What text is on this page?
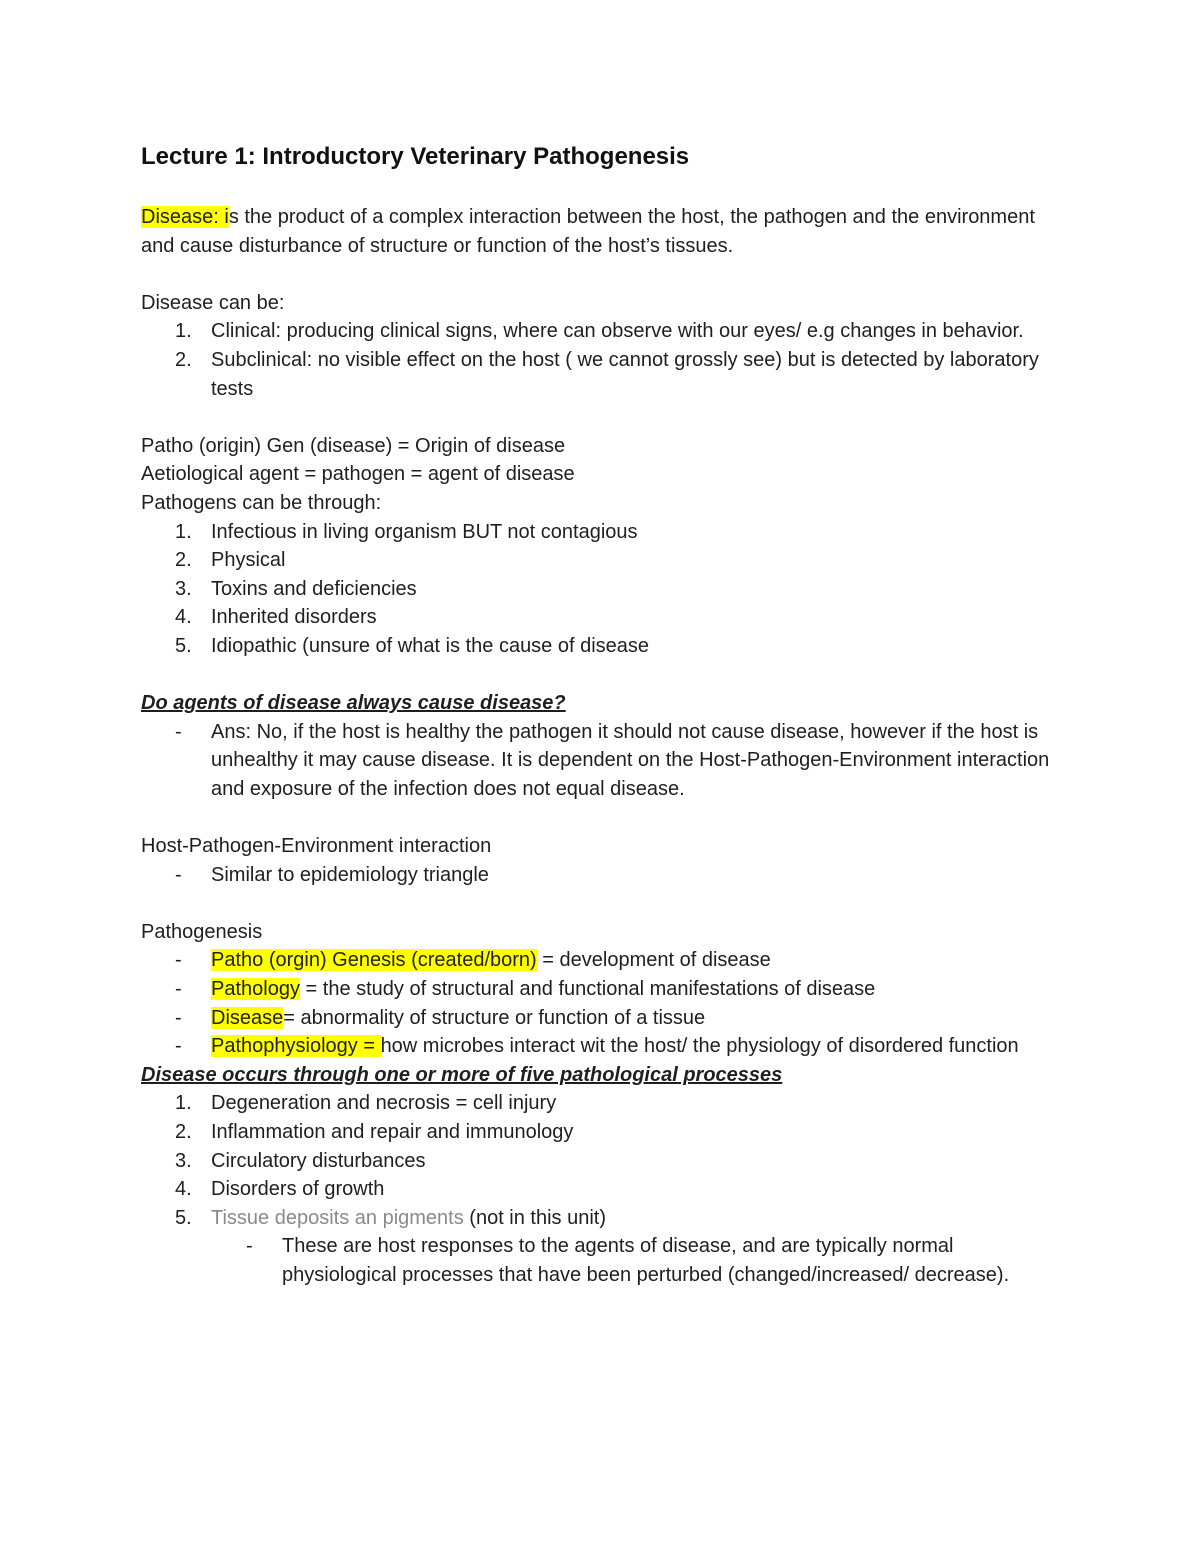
Lecture 1: Introductory Veterinary Pathogenesis

Disease: is the product of a complex interaction between the host, the pathogen and the environment and cause disturbance of structure or function of the host’s tissues.

Disease can be:

1. Clinical: producing clinical signs, where can observe with our eyes/ e.g changes in behavior.
2. Subclinical: no visible effect on the host ( we cannot grossly see) but is detected by laboratory tests

Patho (origin) Gen (disease) = Origin of disease

Aetiological agent = pathogen = agent of disease

Pathogens can be through:

1. Infectious in living organism BUT not contagious
2. Physical
3. Toxins and deficiencies
4. Inherited disorders
5. Idiopathic (unsure of what is the cause of disease

Do agents of disease always cause disease?

- Ans: No, if the host is healthy the pathogen it should not cause disease, however if the host is unhealthy it may cause disease. It is dependent on the Host-Pathogen-Environment interaction and exposure of the infection does not equal disease.

Host-Pathogen-Environment interaction

- Similar to epidemiology triangle

Pathogenesis

- Patho (orgin) Genesis (created/born) = development of disease
- Pathology = the study of structural and functional manifestations of disease
- Disease= abnormality of structure or function of a tissue
- Pathophysiology = how microbes interact wit the host/ the physiology of disordered function

Disease occurs through one or more of five pathological processes

1. Degeneration and necrosis = cell injury
2. Inflammation and repair and immunology
3. Circulatory disturbances
4. Disorders of growth
5. Tissue deposits an pigments (not in this unit)
- These are host responses to the agents of disease, and are typically normal physiological processes that have been perturbed (changed/increased/ decrease).
